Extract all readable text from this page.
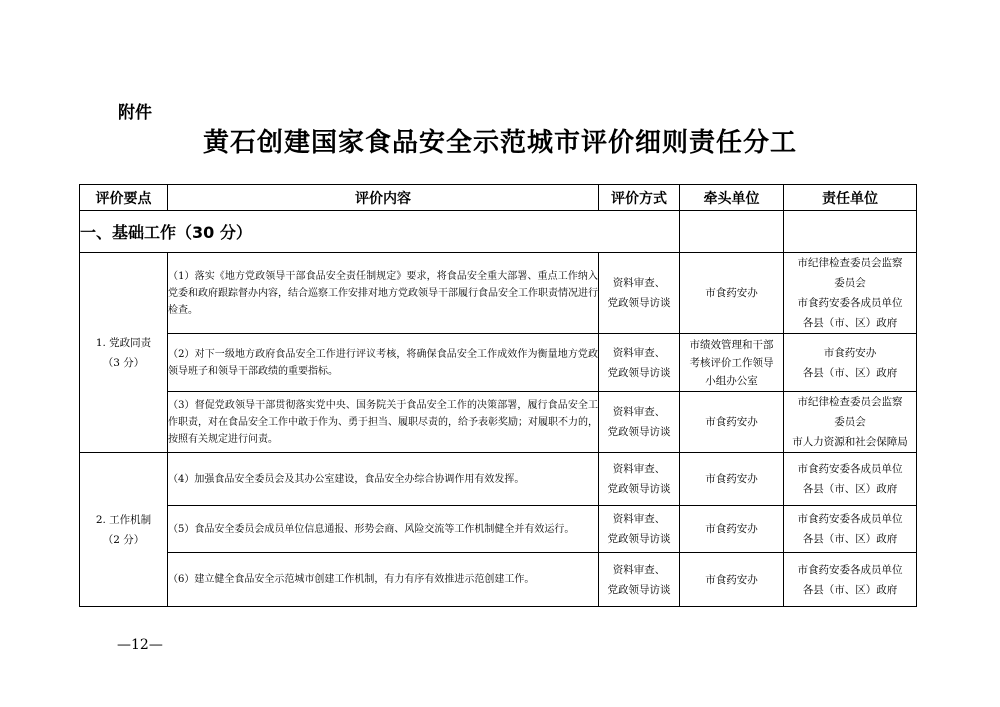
附件
黄石创建国家食品安全示范城市评价细则责任分工
评价要点	评价内容	评价方式	牵头单位	责任单位
一、基础工作（30 分）				

1. 党政同责
（3 分）	（1）落实《地方党政领导干部食品安全责任制规定》要求，将食品安全重大部署、重点工作纳入党委和政府跟踪督办内容，结合巡察工作安排对地方党政领导干部履行食品安全工作职责情况进行检查。	资料审查、
党政领导访谈	市食药安办	市纪律检查委员会监察
委员会
市食药安委各成员单位
各县（市、区）政府

	（2）对下一级地方政府食品安全工作进行评议考核，将确保食品安全工作成效作为衡量地方党政领导班子和领导干部政绩的重要指标。	资料审查、
党政领导访谈	市绩效管理和干部
考核评价工作领导
小组办公室	市食药安办
各县（市、区）政府

	（3）督促党政领导干部贯彻落实党中央、国务院关于食品安全工作的决策部署，履行食品安全工作职责，对在食品安全工作中敢于作为、勇于担当、履职尽责的，给予表彰奖励；对履职不力的，按照有关规定进行问责。	资料审查、
党政领导访谈	市食药安办	市纪律检查委员会监察
委员会
市人力资源和社会保障局

2. 工作机制
（2 分）	（4）加强食品安全委员会及其办公室建设，食品安全办综合协调作用有效发挥。	资料审查、
党政领导访谈	市食药安办	市食药安委各成员单位
各县（市、区）政府

	（5）食品安全委员会成员单位信息通报、形势会商、风险交流等工作机制健全并有效运行。	资料审查、
党政领导访谈	市食药安办	市食药安委各成员单位
各县（市、区）政府

	（6）建立健全食品安全示范城市创建工作机制，有力有序有效推进示范创建工作。	资料审查、
党政领导访谈	市食药安办	市食药安委各成员单位
各县（市、区）政府
—12—
